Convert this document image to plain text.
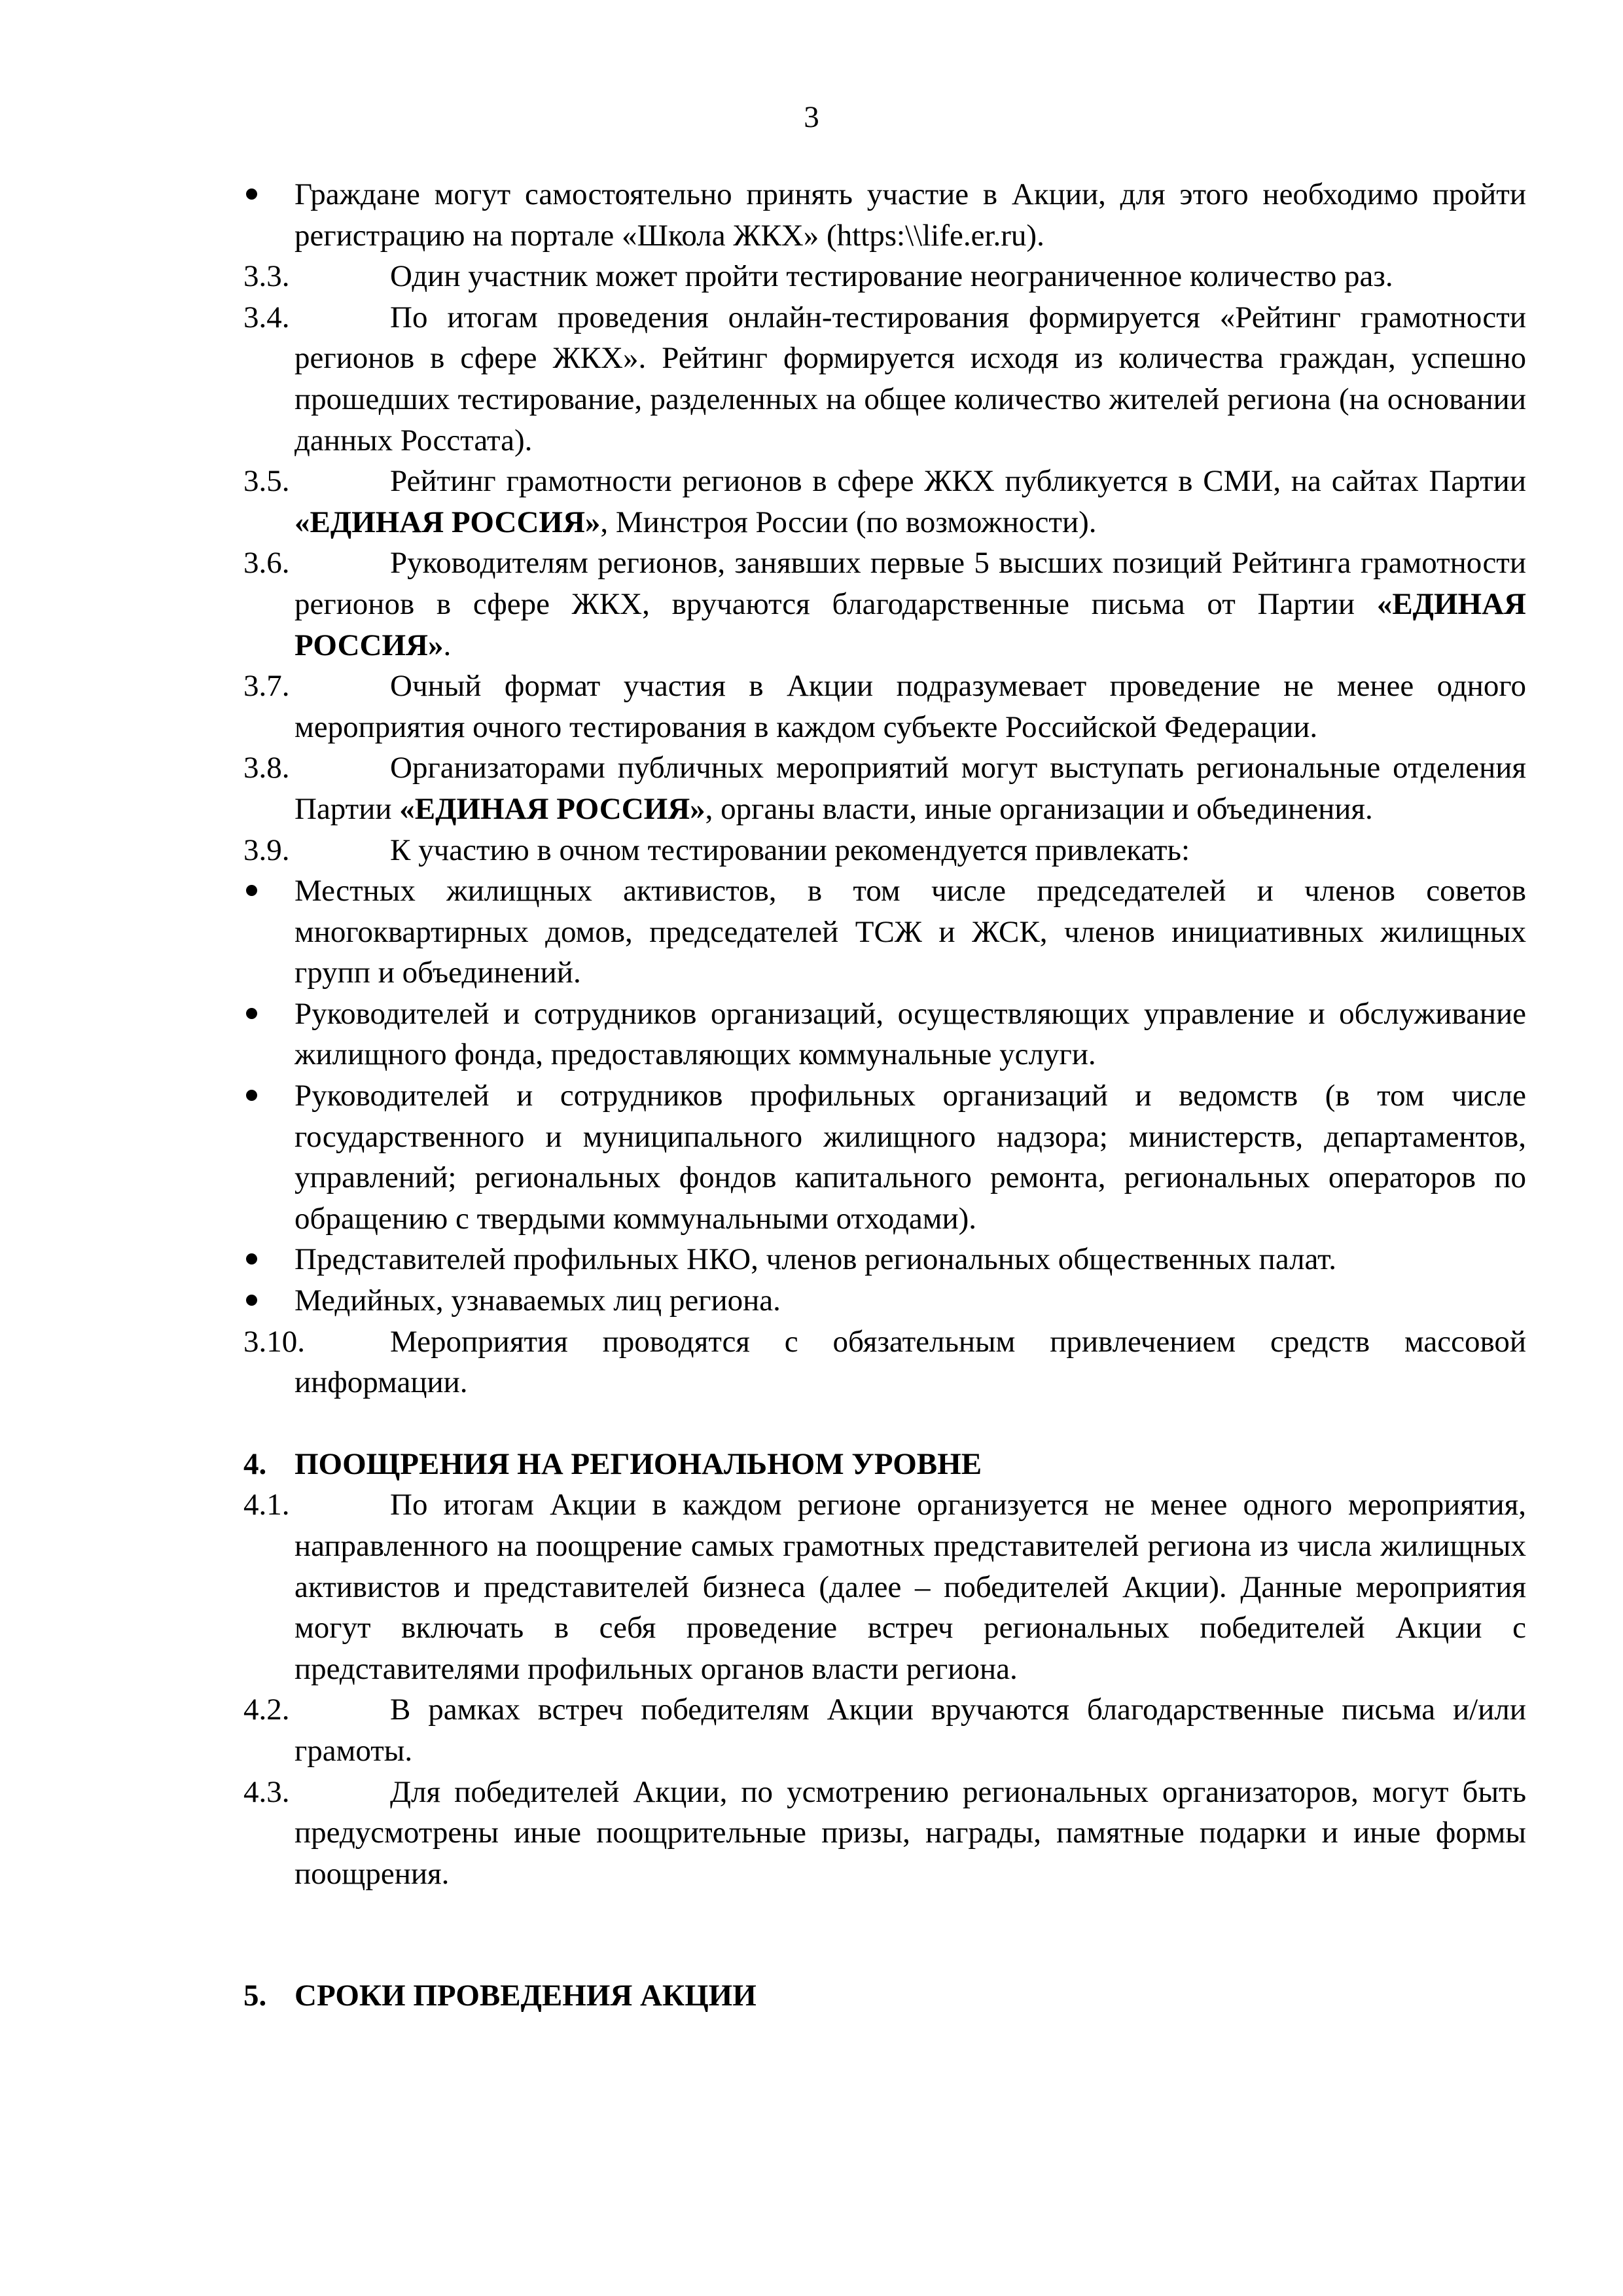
3
Граждане могут самостоятельно принять участие в Акции, для этого необходимо пройти регистрацию на портале «Школа ЖКХ» (https:\\life.er.ru).
3.3.	Один участник может пройти тестирование неограниченное количество раз.
3.4.	По итогам проведения онлайн-тестирования формируется «Рейтинг грамотности регионов в сфере ЖКХ». Рейтинг формируется исходя из количества граждан, успешно прошедших тестирование, разделенных на общее количество жителей региона (на основании данных Росстата).
3.5.	Рейтинг грамотности регионов в сфере ЖКХ публикуется в СМИ, на сайтах Партии «ЕДИНАЯ РОССИЯ», Минстроя России (по возможности).
3.6.	Руководителям регионов, занявших первые 5 высших позиций Рейтинга грамотности регионов в сфере ЖКХ, вручаются благодарственные письма от Партии «ЕДИНАЯ РОССИЯ».
3.7.	Очный формат участия в Акции подразумевает проведение не менее одного мероприятия очного тестирования в каждом субъекте Российской Федерации.
3.8.	Организаторами публичных мероприятий могут выступать региональные отделения Партии «ЕДИНАЯ РОССИЯ», органы власти, иные организации и объединения.
3.9.	К участию в очном тестировании рекомендуется привлекать:
Местных жилищных активистов, в том числе председателей и членов советов многоквартирных домов, председателей ТСЖ и ЖСК, членов инициативных жилищных групп и объединений.
Руководителей и сотрудников организаций, осуществляющих управление и обслуживание жилищного фонда, предоставляющих коммунальные услуги.
Руководителей и сотрудников профильных организаций и ведомств (в том числе государственного и муниципального жилищного надзора; министерств, департаментов, управлений; региональных фондов капитального ремонта, региональных операторов по обращению с твердыми коммунальными отходами).
Представителей профильных НКО, членов региональных общественных палат.
Медийных, узнаваемых лиц региона.
3.10.	Мероприятия проводятся с обязательным привлечением средств массовой информации.
4. ПООЩРЕНИЯ НА РЕГИОНАЛЬНОМ УРОВНЕ
4.1.	По итогам Акции в каждом регионе организуется не менее одного мероприятия, направленного на поощрение самых грамотных представителей региона из числа жилищных активистов и представителей бизнеса (далее – победителей Акции). Данные мероприятия могут включать в себя проведение встреч региональных победителей Акции с представителями профильных органов власти региона.
4.2.	В рамках встреч победителям Акции вручаются благодарственные письма и/или грамоты.
4.3.	Для победителей Акции, по усмотрению региональных организаторов, могут быть предусмотрены иные поощрительные призы, награды, памятные подарки и иные формы поощрения.
5. СРОКИ ПРОВЕДЕНИЯ АКЦИИ
